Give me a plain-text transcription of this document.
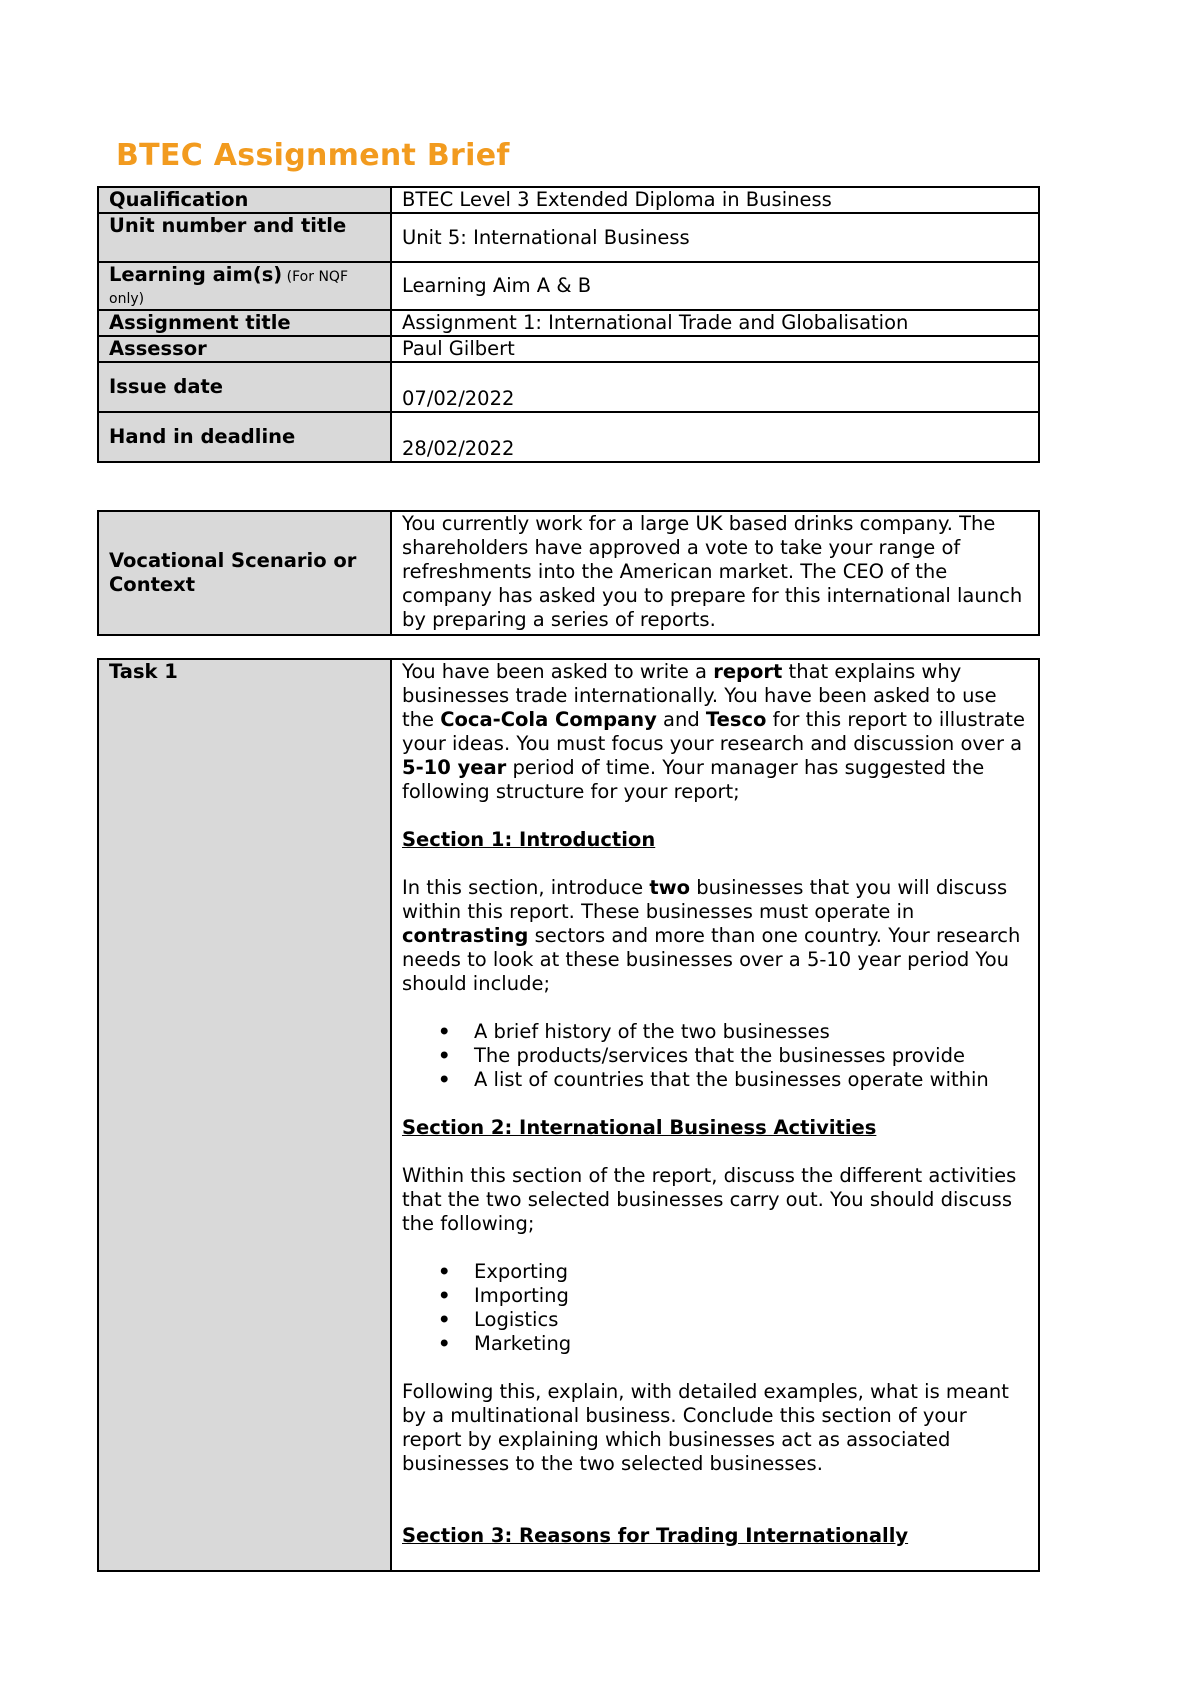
BTEC Assignment Brief
Qualification	BTEC Level 3 Extended Diploma in Business
Unit number and title	Unit 5: International Business
Learning aim(s) (For NQF only)	Learning Aim A & B
Assignment title	Assignment 1: International Trade and Globalisation
Assessor	Paul Gilbert
Issue date	07/02/2022
Hand in deadline	28/02/2022
Vocational Scenario or Context	You currently work for a large UK based drinks company. The shareholders have approved a vote to take your range of refreshments into the American market. The CEO of the company has asked you to prepare for this international launch by preparing a series of reports.
Task 1	You have been asked to write a report that explains why businesses trade internationally. You have been asked to use the Coca-Cola Company and Tesco for this report to illustrate your ideas. You must focus your research and discussion over a 5-10 year period of time. Your manager has suggested the following structure for your report;

Section 1: Introduction

In this section, introduce two businesses that you will discuss within this report. These businesses must operate in contrasting sectors and more than one country. Your research needs to look at these businesses over a 5-10 year period You should include;

• A brief history of the two businesses
• The products/services that the businesses provide
• A list of countries that the businesses operate within

Section 2: International Business Activities

Within this section of the report, discuss the different activities that the two selected businesses carry out. You should discuss the following;

• Exporting
• Importing
• Logistics
• Marketing

Following this, explain, with detailed examples, what is meant by a multinational business. Conclude this section of your report by explaining which businesses act as associated businesses to the two selected businesses.

Section 3: Reasons for Trading Internationally
